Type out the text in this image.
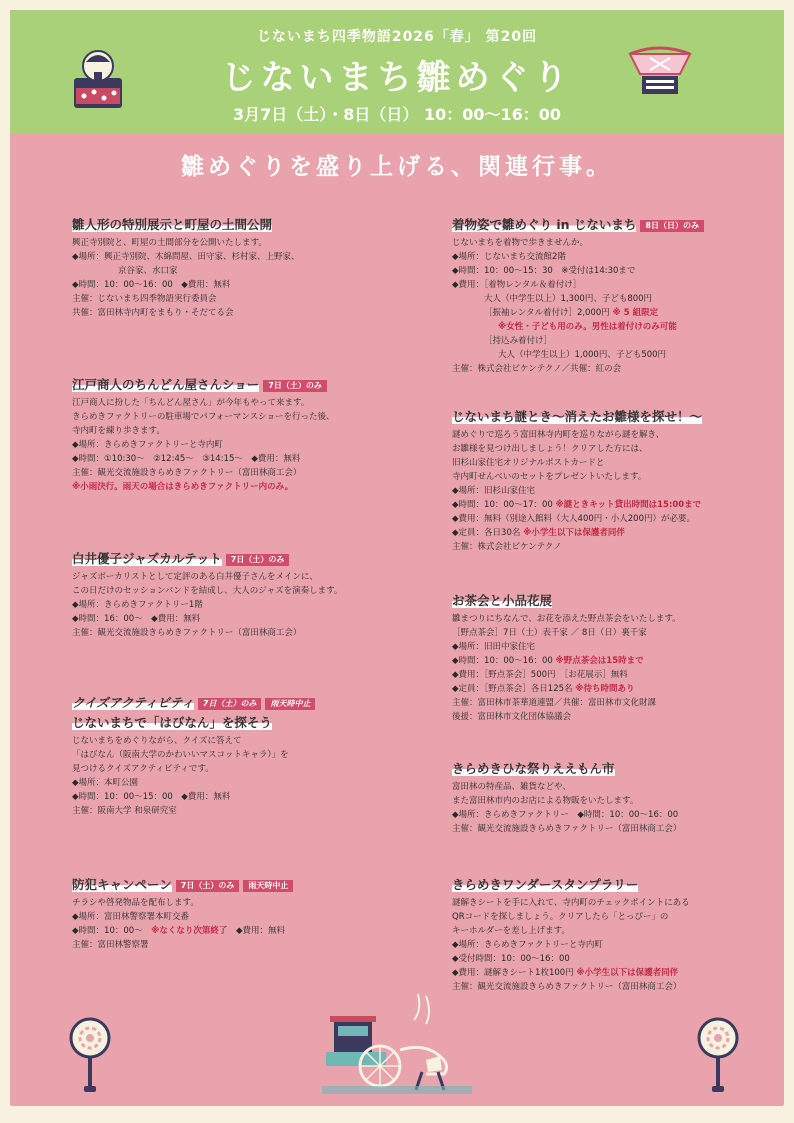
じないまち四季物語2026「春」 第20回
じないまち雛めぐり
3月7日（土）・8日（日） 10：00〜16：00
雛めぐりを盛り上げる、関連行事。
雛人形の特別展示と町屋の土間公開
興正寺別院と、町屋の土間部分を公開いたします。
◆場所：興正寺別院、木綿問屋、田守家、杉村家、上野家、
京谷家、水口家
◆時間：10：00〜16：00　◆費用：無料
主催：じないまち四季物語実行委員会
共催：富田林寺内町をまもり・そだてる会
江戸商人のちんどん屋さんショー 7日（土）のみ
江戸商人に扮した「ちんどん屋さん」が今年もやって来ます。
きらめきファクトリーの駐車場でパフォーマンスショーを行った後、
寺内町を練り歩きます。
◆場所：きらめきファクトリーと寺内町
◆時間：①10:30〜　②12:45〜　③14:15〜　◆費用：無料
主催：観光交流施設きらめきファクトリー（富田林商工会）
※小雨決行。雨天の場合はきらめきファクトリー内のみ。
白井優子ジャズカルテット 7日（土）のみ
ジャズボーカリストとして定評のある白井優子さんをメインに、
この日だけのセッションバンドを結成し、大人のジャズを演奏します。
◆場所：きらめきファクトリー1階
◆時間：16：00〜　◆費用：無料
主催：観光交流施設きらめきファクトリー（富田林商工会）
クイズアクティビティ 7日（土）のみ 雨天時中止
じないまちで「はびなん」を探そう
じないまちをめぐりながら、クイズに答えて
「はびなん（阪南大学のかわいいマスコットキャラ）」を
見つけるクイズアクティビティです。
◆場所：本町公園
◆時間：10：00〜15：00　◆費用：無料
主催：阪南大学 和泉研究室
防犯キャンペーン 7日（土）のみ 雨天時中止
チラシや啓発物品を配布します。
◆場所：富田林警察署本町交番
◆時間：10：00〜　※なくなり次第終了　◆費用：無料
主催：富田林警察署
着物姿で雛めぐり in じないまち 8日（日）のみ
じないまちを着物で歩きませんか。
◆場所：じないまち交流館2階
◆時間：10：00〜15：30　※受付は14:30まで
◆費用：［着物レンタル＆着付け］
大人（中学生以上）1,300円、子ども800円
［振袖レンタル着付け］2,000円 ※ 5 組限定
※女性・子ども用のみ。男性は着付けのみ可能
［持込み着付け］
大人（中学生以上）1,000円、子ども500円
主催：株式会社ビケンテクノ／共催：紅の会
じないまち謎とき〜消えたお雛様を探せ！〜
謎めぐりで巡ろう富田林寺内町を巡りながら謎を解き、
お雛様を見つけ出しましょう！クリアした方には、
旧杉山家住宅オリジナルポストカードと
寺内町せんべいのセットをプレゼントいたします。
◆場所：旧杉山家住宅
◆時間：10：00〜17：00 ※謎ときキット貸出時間は15:00まで
◆費用：無料（別途入館料（大人400円・小人200円）が必要。
◆定員：各日30名 ※小学生以下は保護者同伴
主催：株式会社ビケンテクノ
お茶会と小品花展
雛まつりにちなんで、お花を添えた野点茶会をいたします。
［野点茶会］7日（土）表千家 ／ 8日（日）裏千家
◆場所：旧田中家住宅
◆時間：10：00〜16：00 ※野点茶会は15時まで
◆費用：［野点茶会］500円　［お花展示］無料
◆定員：［野点茶会］各日125名 ※待ち時間あり
主催：富田林市茶華道連盟／共催：富田林市文化財課
後援：富田林市文化団体協議会
きらめきひな祭りええもん市
富田林の特産品、雑貨などや、
また富田林市内のお店による物販をいたします。
◆場所：きらめきファクトリー　◆時間：10：00〜16：00
主催：観光交流施設きらめきファクトリー（富田林商工会）
きらめきワンダースタンプラリー
謎解きシートを手に入れて、寺内町のチェックポイントにある
QRコードを探しましょう。クリアしたら「とっぴー」の
キーホルダーを差し上げます。
◆場所：きらめきファクトリーと寺内町
◆受付時間：10：00〜16：00
◆費用：謎解きシート1枚100円 ※小学生以下は保護者同伴
主催：観光交流施設きらめきファクトリー（富田林商工会）
